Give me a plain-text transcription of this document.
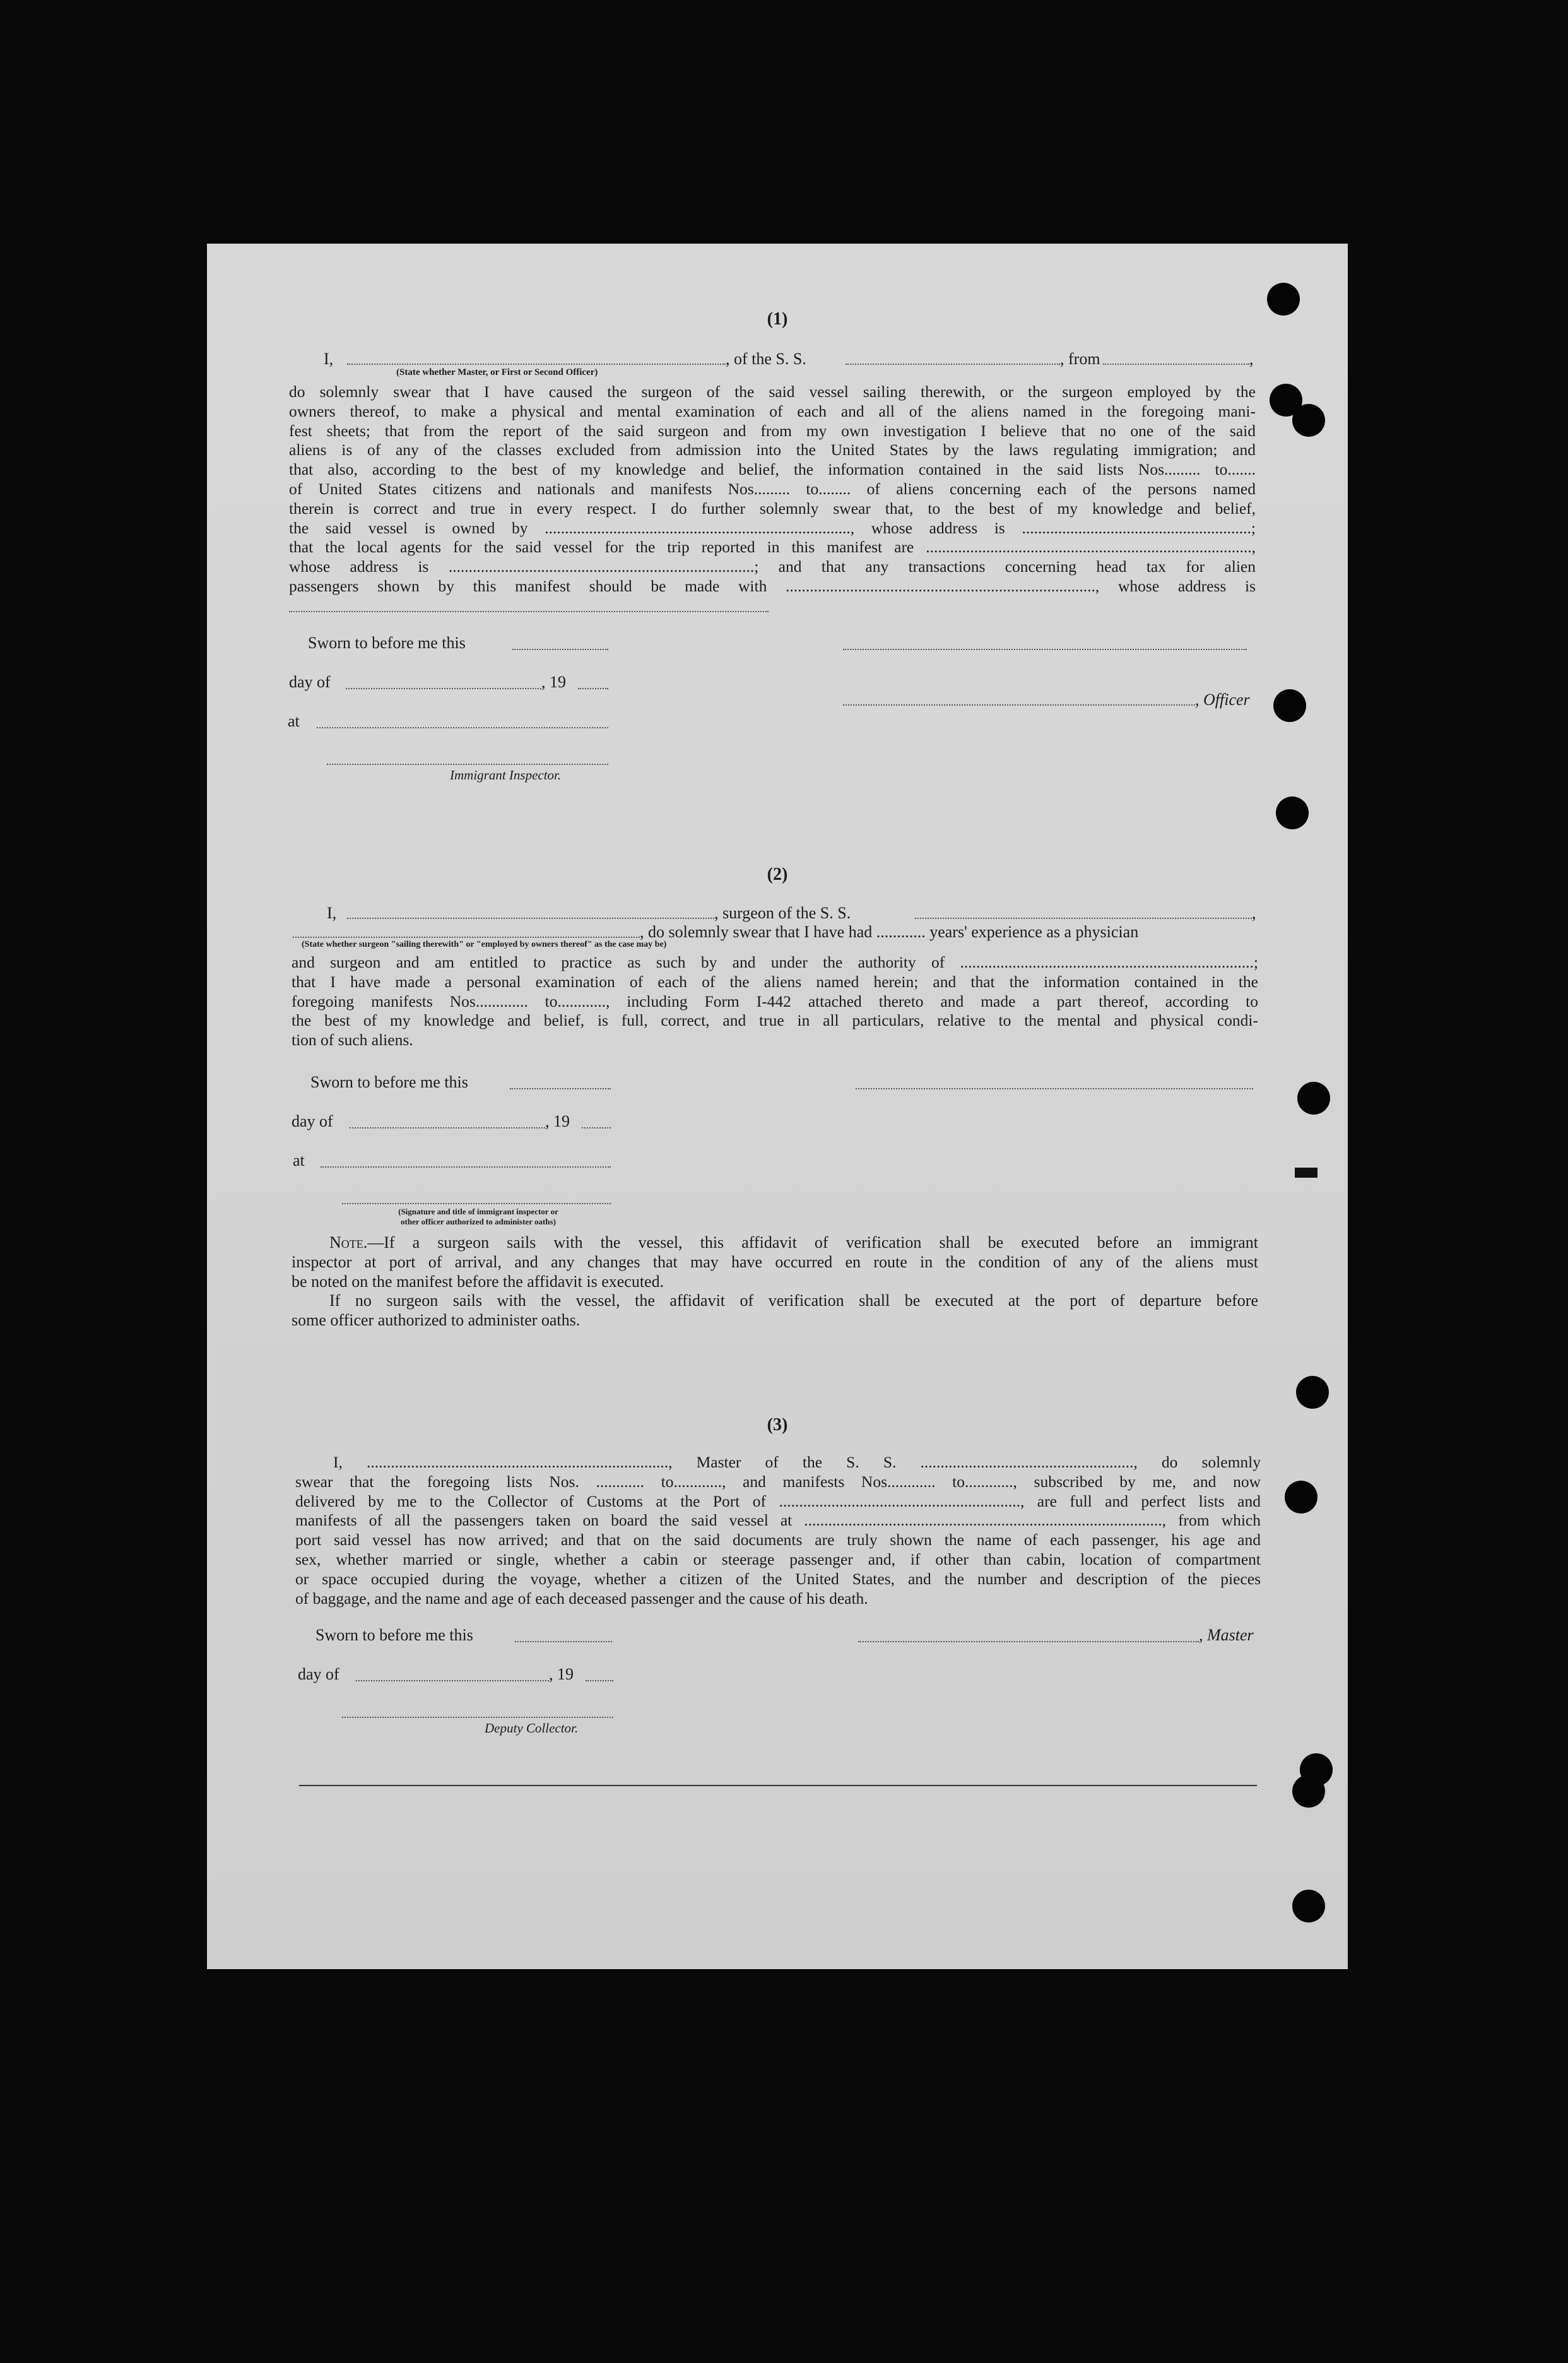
(1)
I,	, of the S. S.	, from	,
(State whether Master, or First or Second Officer)
do solemnly swear that I have caused the surgeon of the said vessel sailing therewith, or the surgeon employed by the
owners thereof, to make a physical and mental examination of each and all of the aliens named in the foregoing mani-
fest sheets; that from the report of the said surgeon and from my own investigation I believe that no one of the said
aliens is of any of the classes excluded from admission into the United States by the laws regulating immigration; and
that also, according to the best of my knowledge and belief, the information contained in the said lists Nos......... to.......
of United States citizens and nationals and manifests Nos......... to........ of aliens concerning each of the persons named
therein is correct and true in every respect. I do further solemnly swear that, to the best of my knowledge and belief,
the said vessel is owned by ............................................................................, whose address is .........................................................;
that the local agents for the said vessel for the trip reported in this manifest are .................................................................................,
whose address is ............................................................................; and that any transactions concerning head tax for alien
passengers shown by this manifest should be made with ............................................................................., whose address is
Sworn to before me this
day of	, 19
, Officer
at
Immigrant Inspector.
(2)
I,	, surgeon of the S. S.	,
, do solemnly swear that I have had ............ years' experience as a physician
(State whether surgeon "sailing therewith" or "employed by owners thereof" as the case may be)
and surgeon and am entitled to practice as such by and under the authority of .........................................................................;
that I have made a personal examination of each of the aliens named herein; and that the information contained in the
foregoing manifests Nos............. to............, including Form I-442 attached thereto and made a part thereof, according to
the best of my knowledge and belief, is full, correct, and true in all particulars, relative to the mental and physical condi-
tion of such aliens.
Sworn to before me this
day of	, 19
at
(Signature and title of immigrant inspector or
other officer authorized to administer oaths)
Note.—If a surgeon sails with the vessel, this affidavit of verification shall be executed before an immigrant
inspector at port of arrival, and any changes that may have occurred en route in the condition of any of the aliens must
be noted on the manifest before the affidavit is executed.
If no surgeon sails with the vessel, the affidavit of verification shall be executed at the port of departure before
some officer authorized to administer oaths.
(3)
I, ..........................................................................., Master of the S. S. ....................................................., do solemnly
swear that the foregoing lists Nos. ............ to............, and manifests Nos............ to............, subscribed by me, and now
delivered by me to the Collector of Customs at the Port of ............................................................, are full and perfect lists and
manifests of all the passengers taken on board the said vessel at ........................................................................................., from which
port said vessel has now arrived; and that on the said documents are truly shown the name of each passenger, his age and
sex, whether married or single, whether a cabin or steerage passenger and, if other than cabin, location of compartment
or space occupied during the voyage, whether a citizen of the United States, and the number and description of the pieces
of baggage, and the name and age of each deceased passenger and the cause of his death.
Sworn to before me this	, Master
day of	, 19
Deputy Collector.
